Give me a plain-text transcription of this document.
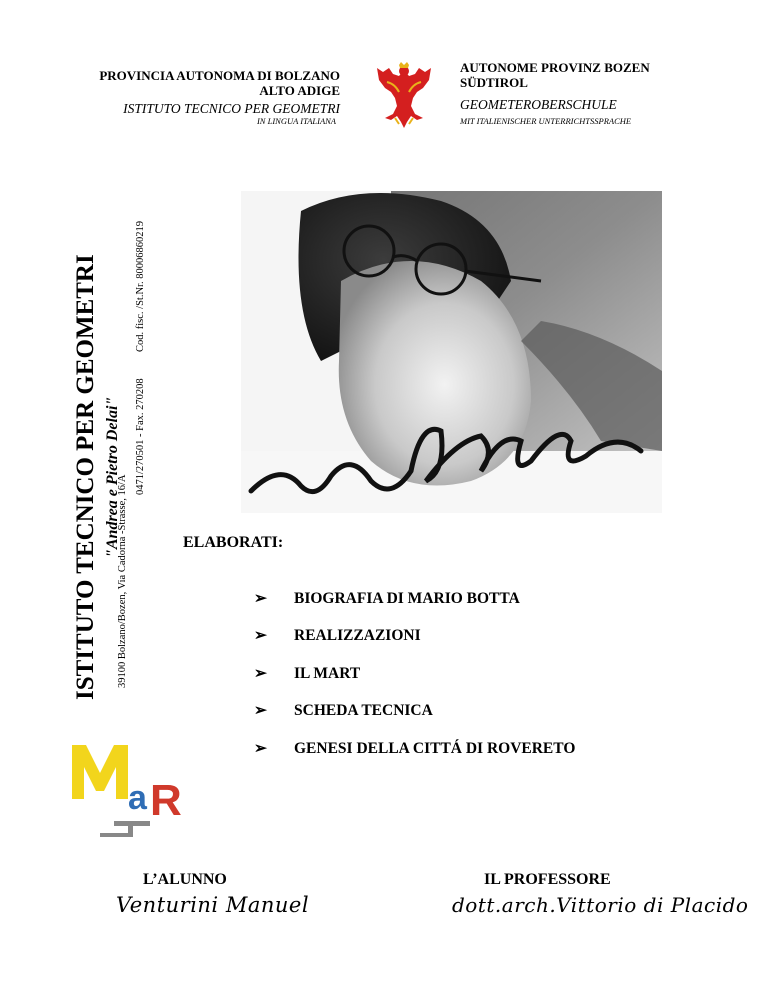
PROVINCIA AUTONOMA DI BOLZANO
ALTO ADIGE
ISTITUTO TECNICO PER GEOMETRI
IN LINGUA ITALIANA
AUTONOME PROVINZ BOZEN
SÜDTIROL
GEOMETEROBERSCHULE
MIT ITALIENISCHER UNTERRICHTSSPRACHE
ISTITUTO TECNICO PER GEOMETRI "Andrea e Pietro Delai"
39100 Bolzano/Bozen, Via Cadorna -Strasse, 16/A
0471/270501 - Fax. 270208
Cod. fisc. /St.Nr. 80006860219
ELABORATI:
➢ BIOGRAFIA DI MARIO BOTTA
➢ REALIZZAZIONI
➢ IL MART
➢ SCHEDA TECNICA
➢ GENESI DELLA CITTÁ DI ROVERETO
a R
L’ALUNNO
Venturini Manuel
IL PROFESSORE
dott.arch.Vittorio di Placido
